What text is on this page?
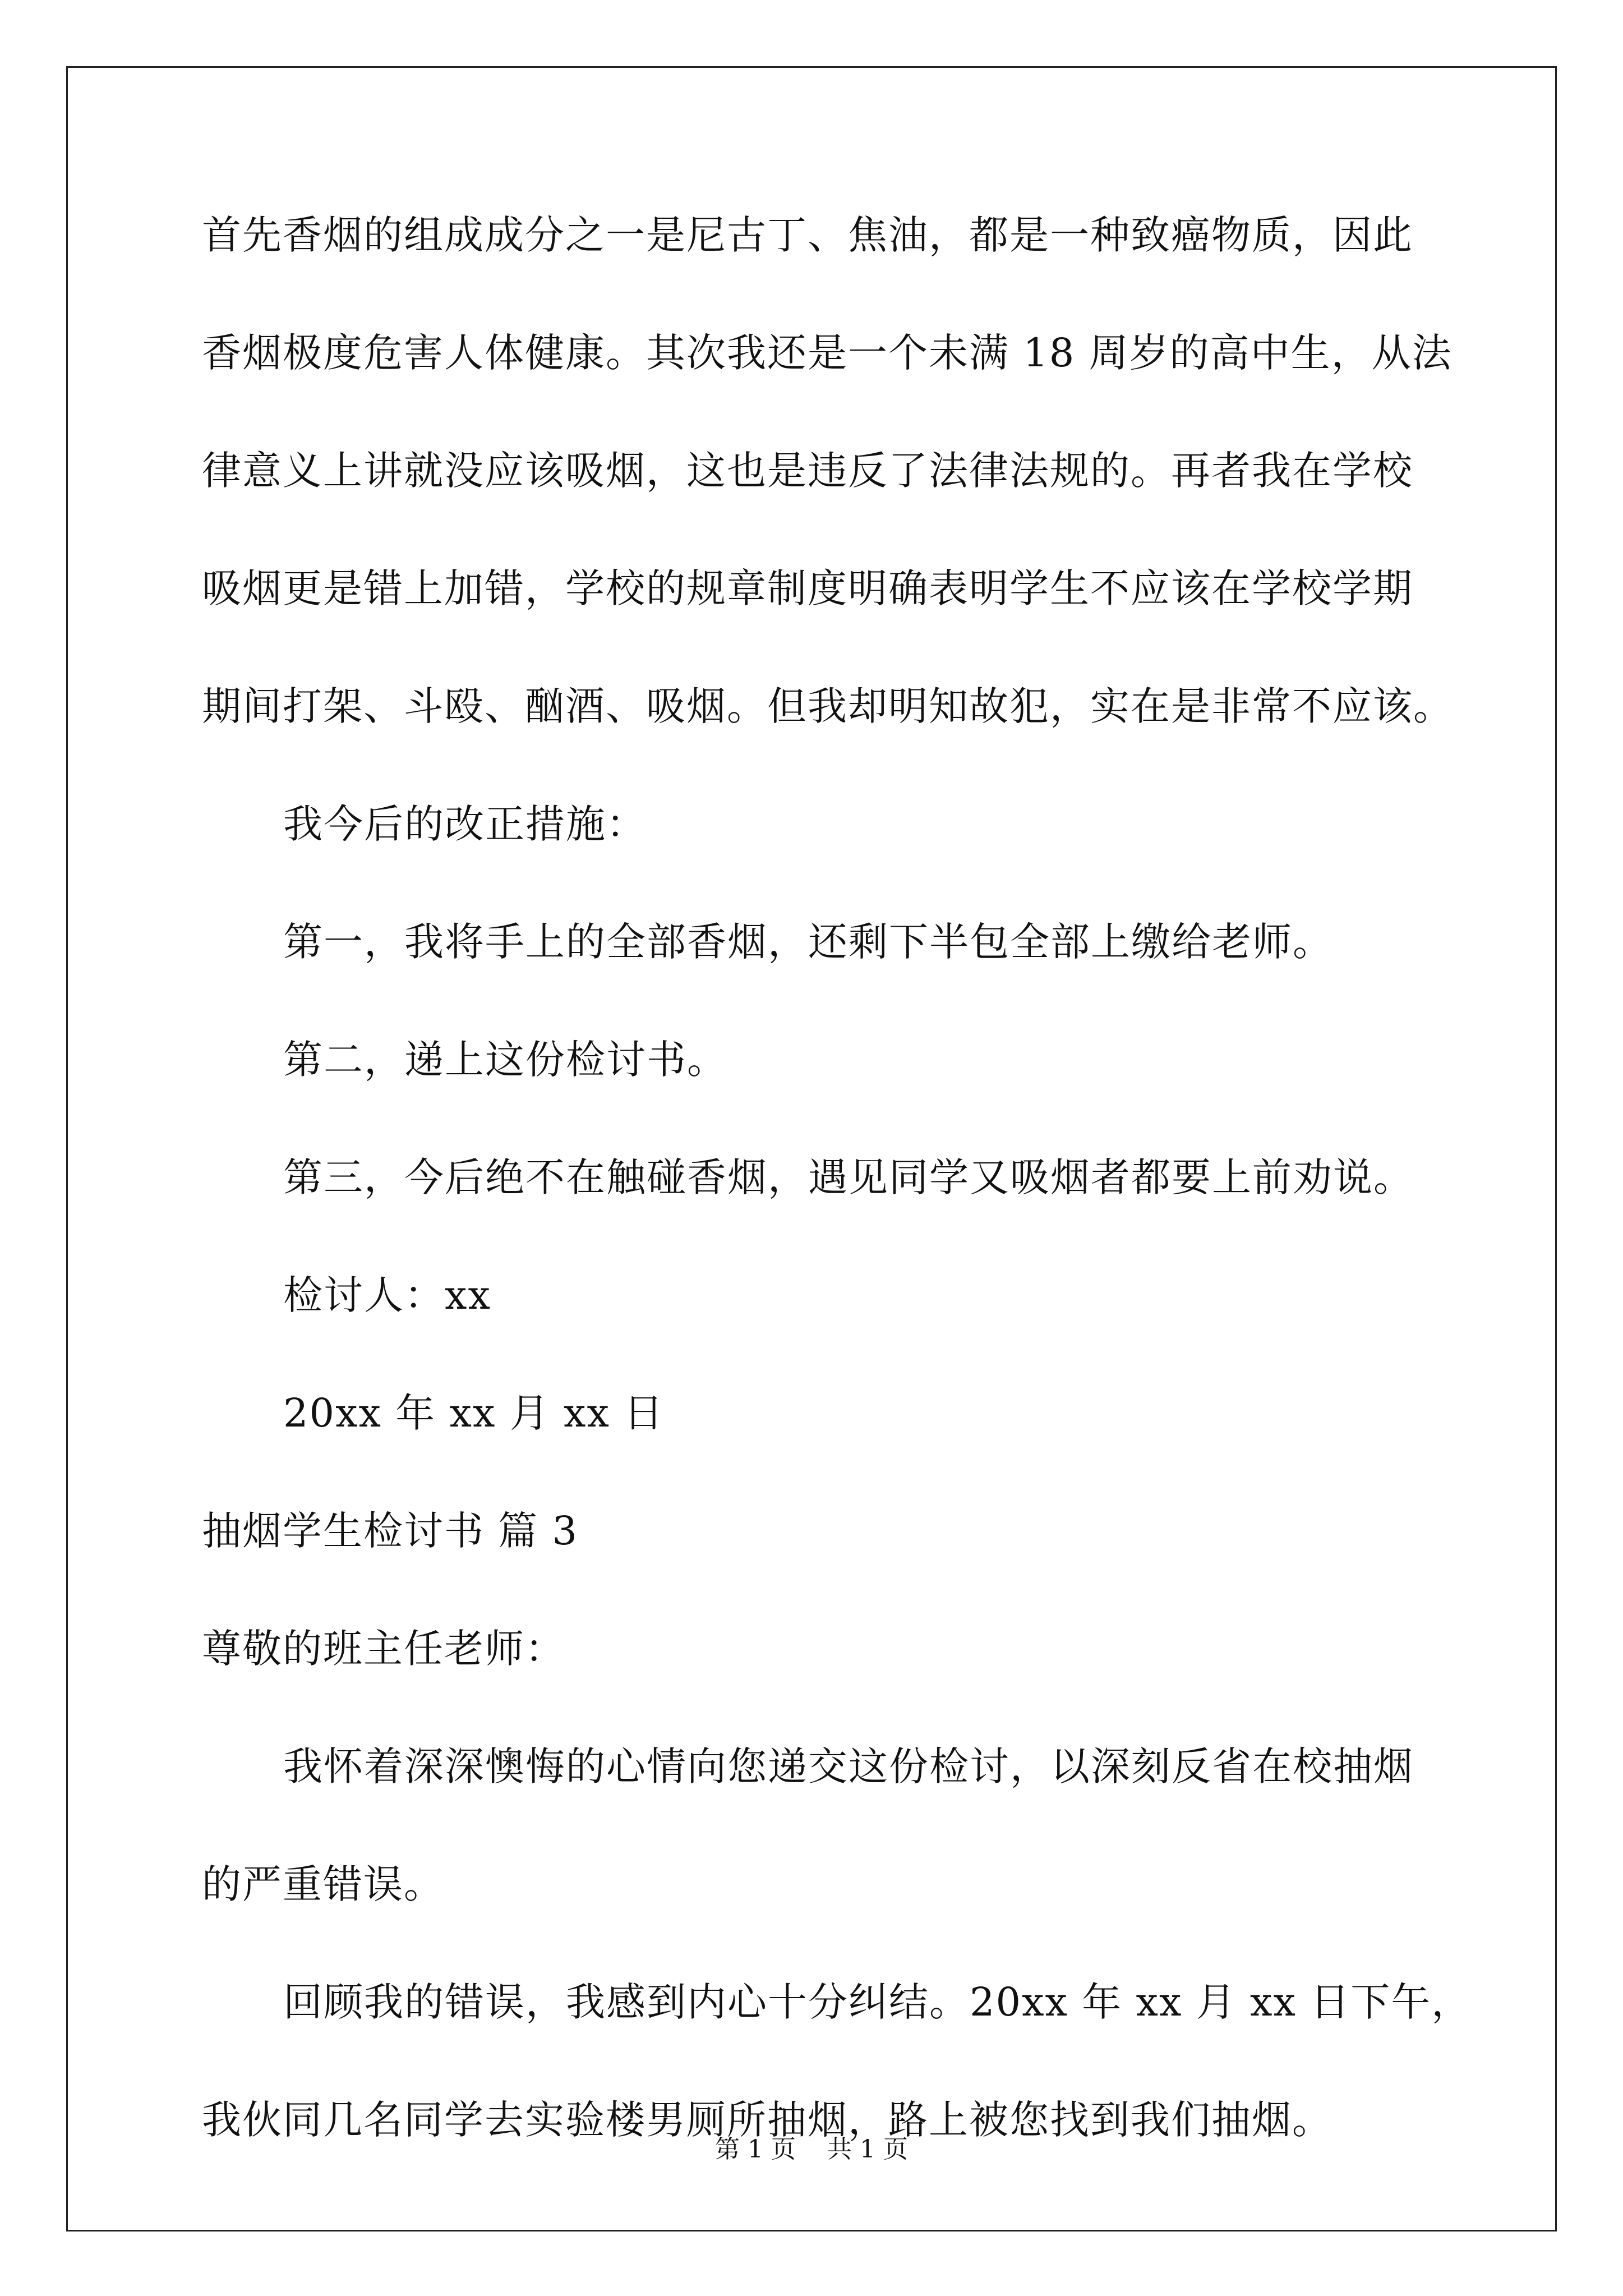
首先香烟的组成成分之一是尼古丁、焦油，都是一种致癌物质，因此
香烟极度危害人体健康。其次我还是一个未满 18 周岁的高中生，从法
律意义上讲就没应该吸烟，这也是违反了法律法规的。再者我在学校
吸烟更是错上加错，学校的规章制度明确表明学生不应该在学校学期
期间打架、斗殴、酗酒、吸烟。但我却明知故犯，实在是非常不应该。
我今后的改正措施：
第一，我将手上的全部香烟，还剩下半包全部上缴给老师。
第二，递上这份检讨书。
第三，今后绝不在触碰香烟，遇见同学又吸烟者都要上前劝说。
检讨人：xx
20xx 年 xx 月 xx 日
抽烟学生检讨书 篇 3
尊敬的班主任老师：
我怀着深深懊悔的心情向您递交这份检讨，以深刻反省在校抽烟
的严重错误。
回顾我的错误，我感到内心十分纠结。20xx 年 xx 月 xx 日下午，
我伙同几名同学去实验楼男厕所抽烟，路上被您找到我们抽烟。
第 1 页 共 1 页
